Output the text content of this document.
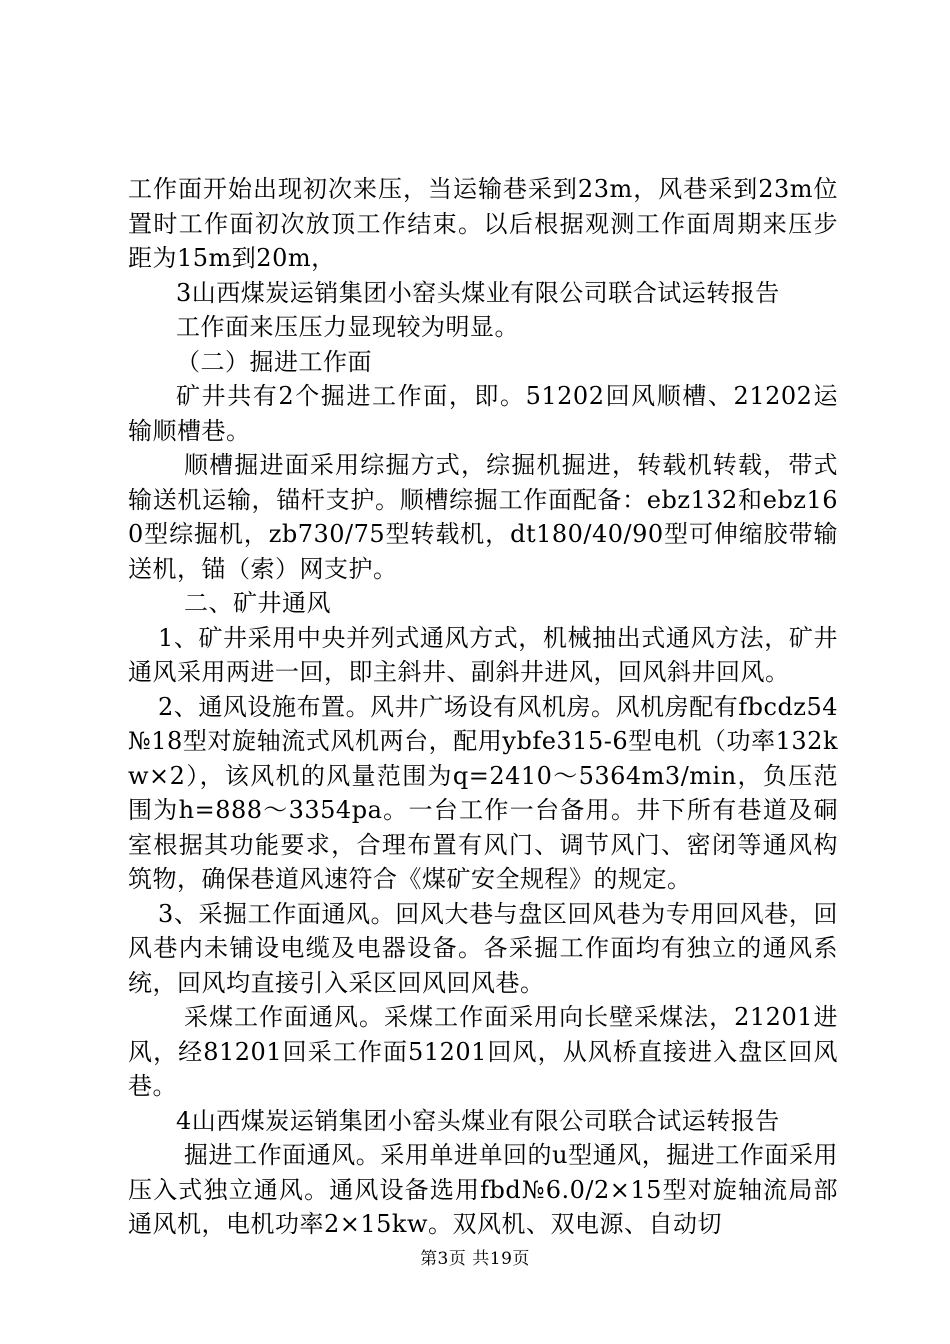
工作面开始出现初次来压，当运输巷采到23m，风巷采到23m位置时工作面初次放顶工作结束。以后根据观测工作面周期来压步距为15m到20m，

3山西煤炭运销集团小窑头煤业有限公司联合试运转报告

工作面来压压力显现较为明显。

（二）掘进工作面

矿井共有2个掘进工作面，即。51202回风顺槽、21202运输顺槽巷。

顺槽掘进面采用综掘方式，综掘机掘进，转载机转载，带式输送机运输，锚杆支护。顺槽综掘工作面配备：ebz132和ebz160型综掘机，zb730/75型转载机，dt180/40/90型可伸缩胶带输送机，锚（索）网支护。

二、矿井通风

1、矿井采用中央并列式通风方式，机械抽出式通风方法，矿井通风采用两进一回，即主斜井、副斜井进风，回风斜井回风。

2、通风设施布置。风井广场设有风机房。风机房配有fbcdz54№18型对旋轴流式风机两台，配用ybfe315-6型电机（功率132kw×2），该风机的风量范围为q=2410～5364m3/min，负压范围为h=888～3354pa。一台工作一台备用。井下所有巷道及硐室根据其功能要求，合理布置有风门、调节风门、密闭等通风构筑物，确保巷道风速符合《煤矿安全规程》的规定。

3、采掘工作面通风。回风大巷与盘区回风巷为专用回风巷，回风巷内未铺设电缆及电器设备。各采掘工作面均有独立的通风系统，回风均直接引入采区回风回风巷。

采煤工作面通风。采煤工作面采用向长壁采煤法，21201进风，经81201回采工作面51201回风，从风桥直接进入盘区回风巷。

4山西煤炭运销集团小窑头煤业有限公司联合试运转报告

掘进工作面通风。采用单进单回的u型通风，掘进工作面采用压入式独立通风。通风设备选用fbd№6.0/2×15型对旋轴流局部通风机，电机功率2×15kw。双风机、双电源、自动切

第3页 共19页
